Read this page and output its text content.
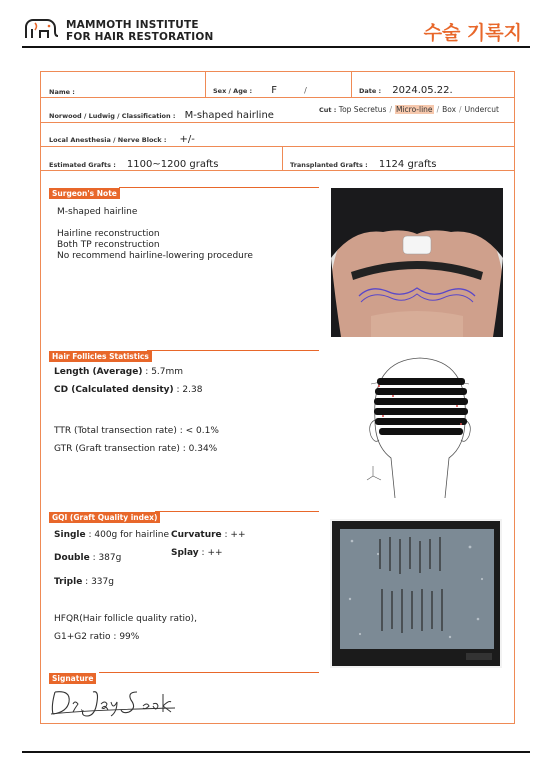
MAMMOTH INSTITUTE
FOR HAIR RESTORATION	수술 기록지
Name :	Sex / Age : F	/	Date : 2024.05.22.
Norwood / Ludwig / Classification : M-shaped hairline	Cut : Top Secretus / Micro-line / Box / Undercut
Local Anesthesia / Nerve Block : +/-
Estimated Grafts : 1100~1200 grafts	Transplanted Grafts : 1124 grafts
Surgeon's Note
M-shaped hairline
Hairline reconstruction
Both TP reconstruction
No recommend hairline-lowering procedure
Hair Follicles Statistics
Length (Average) : 5.7mm
CD (Calculated density) : 2.38
TTR (Total transection rate) : < 0.1%
GTR (Graft transection rate) : 0.34%
GQI (Graft Quality index)
Single : 400g for hairline Curvature : ++
Splay : ++
Double : 387g
Triple : 337g
HFQR(Hair follicle quality ratio),
G1+G2 ratio : 99%
Signature
